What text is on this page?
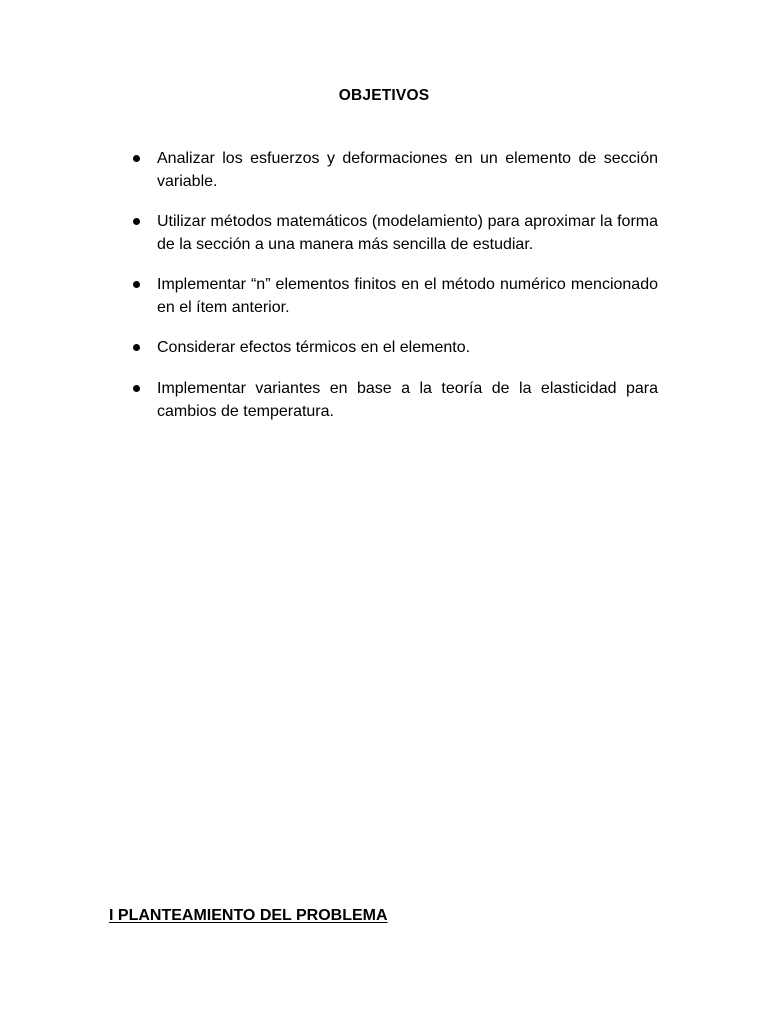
OBJETIVOS
Analizar los esfuerzos y deformaciones en un elemento de sección variable.
Utilizar métodos matemáticos (modelamiento) para aproximar la forma de la sección a una manera más sencilla de estudiar.
Implementar “n” elementos finitos en el método numérico mencionado en el ítem anterior.
Considerar efectos térmicos en el elemento.
Implementar variantes en base a la teoría de la elasticidad para cambios de temperatura.
I PLANTEAMIENTO DEL PROBLEMA
